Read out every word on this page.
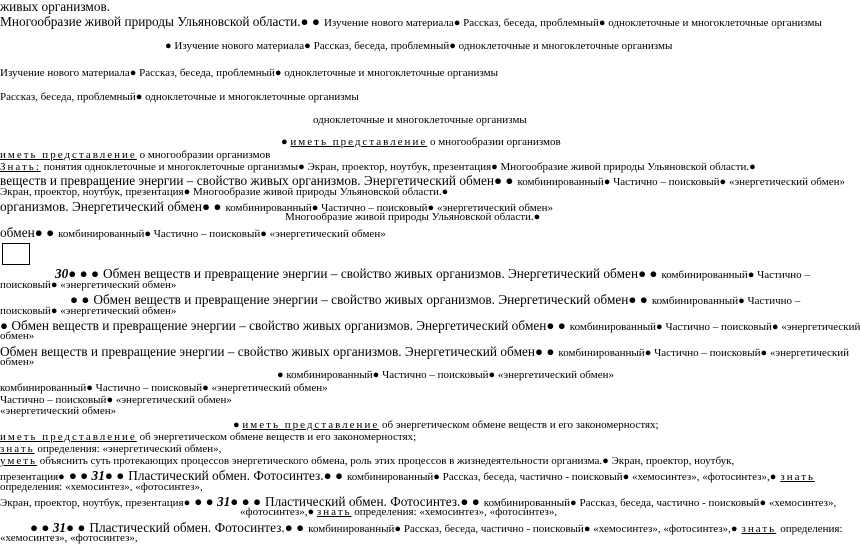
живых организмов.
Многообразие живой природы Ульяновской области.● ● Изучение нового материала● Рассказ, беседа, проблемный● одноклеточные и многоклеточные организмы
● Изучение нового материала● Рассказ, беседа, проблемный● одноклеточные и многоклеточные организмы
Изучение нового материала● Рассказ, беседа, проблемный● одноклеточные и многоклеточные организмы
Рассказ, беседа, проблемный● одноклеточные и многоклеточные организмы
одноклеточные и многоклеточные организмы
● иметь представление о многообразии организмов
иметь представление о многообразии организмов
Знать: понятия одноклеточные и многоклеточные организмы● Экран, проектор, ноутбук, презентация● Многообразие живой природы Ульяновской области.●
веществ и превращение энергии – свойство живых организмов. Энергетический обмен● ● комбинированный● Частично – поисковый● «энергетический обмен»
Экран, проектор, ноутбук, презентация● Многообразие живой природы Ульяновской области.●
организмов. Энергетический обмен● ● комбинированный● Частично – поисковый● «энергетический обмен»
Многообразие живой природы Ульяновской области.●
обмен● ● комбинированный● Частично – поисковый● «энергетический обмен»
30● ● ● Обмен веществ и превращение энергии – свойство живых организмов. Энергетический обмен● ● комбинированный● Частично –
поисковый● «энергетический обмен»
● ● Обмен веществ и превращение энергии – свойство живых организмов. Энергетический обмен● ● комбинированный● Частично –
поисковый● «энергетический обмен»
● Обмен веществ и превращение энергии – свойство живых организмов. Энергетический обмен● ● комбинированный● Частично – поисковый● «энергетический
обмен»
Обмен веществ и превращение энергии – свойство живых организмов. Энергетический обмен● ● комбинированный● Частично – поисковый● «энергетический
обмен»
● комбинированный● Частично – поисковый● «энергетический обмен»
комбинированный● Частично – поисковый● «энергетический обмен»
Частично – поисковый● «энергетический обмен»
«энергетический обмен»
● иметь представление об энергетическом обмене веществ и его закономерностях;
иметь представление об энергетическом обмене веществ и его закономерностях;
знать определения: «энергетический обмен»,
уметь объяснить суть протекающих процессов энергетического обмена, роль этих процессов в жизнедеятельности организма.● Экран, проектор, ноутбук,
презентация● ● ● 31● ● Пластический обмен. Фотосинтез.● ● комбинированный● Рассказ, беседа, частично - поисковый● «хемосинтез», «фотосинтез»,● знать
определения: «хемосинтез», «фотосинтез»,
Экран, проектор, ноутбук, презентация● ● ● 31● ● ● Пластический обмен. Фотосинтез.● ● комбинированный● Рассказ, беседа, частично - поисковый● «хемосинтез»,
«фотосинтез»,● знать определения: «хемосинтез», «фотосинтез»,
● ● 31● ● Пластический обмен. Фотосинтез.● ● комбинированный● Рассказ, беседа, частично - поисковый● «хемосинтез», «фотосинтез»,● знать определения:
«хемосинтез», «фотосинтез»,
